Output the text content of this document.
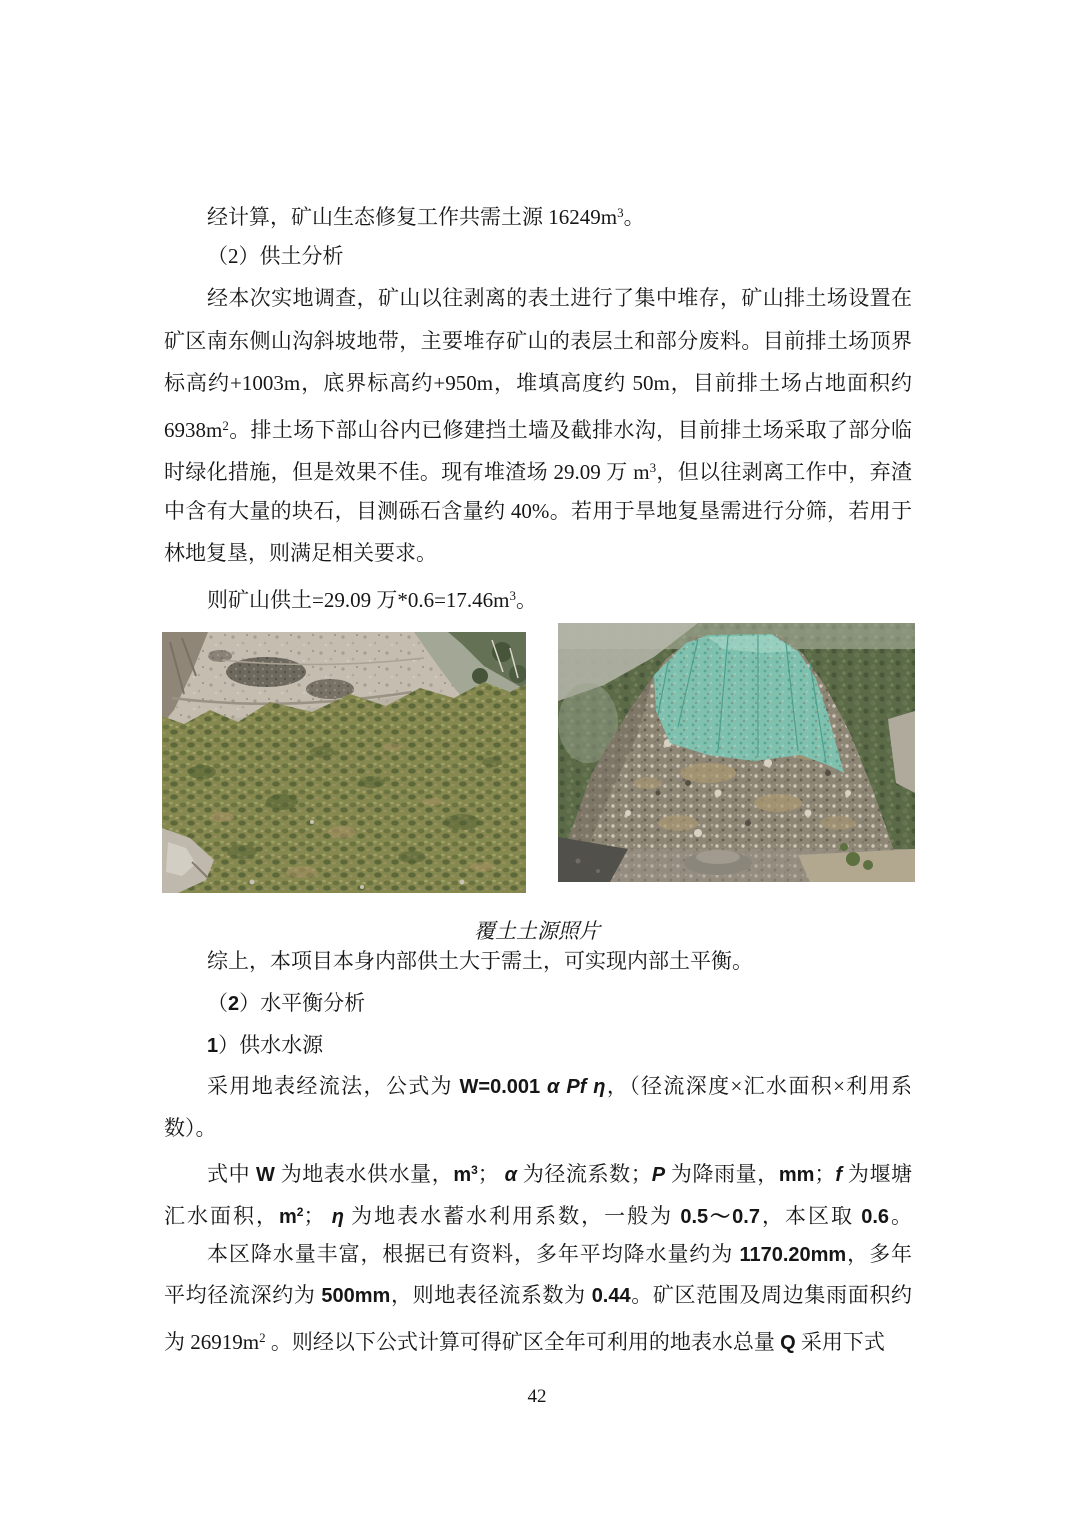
经计算，矿山生态修复工作共需土源 $16249m^3$。
（2）供土分析
经本次实地调查，矿山以往剥离的表土进行了集中堆存，矿山排土场设置在
矿区南东侧山沟斜坡地带，主要堆存矿山的表层土和部分废料。目前排土场顶界
标高约+1003m，底界标高约+950m，堆填高度约 50m，目前排土场占地面积约
$6938m^2$。排土场下部山谷内已修建挡土墙及截排水沟，目前排土场采取了部分临
时绿化措施，但是效果不佳。现有堆渣场 29.09 万 $m^3$，但以往剥离工作中，弃渣
中含有大量的块石，目测砾石含量约 40%。若用于旱地复垦需进行分筛，若用于
林地复垦，则满足相关要求。
则矿山供土=29.09 万$*0.6=17.46m^3$。
覆土土源照片
综上，本项目本身内部供土大于需土，可实现内部土平衡。
（2）水平衡分析
1）供水水源
采用地表经流法，公式为 W=0.001 α Pf η，（径流深度×汇水面积×利用系
数）。
式中 W 为地表水供水量，$m^3$； α 为径流系数；P 为降雨量，mm；f 为堰塘
汇水面积，$m^2$； η 为地表水蓄水利用系数，一般为 0.5～0.7，本区取 0.6。
本区降水量丰富，根据已有资料，多年平均降水量约为 1170.20mm，多年
平均径流深约为 500mm，则地表径流系数为 0.44。矿区范围及周边集雨面积约
为 $26919m^2$ 。则经以下公式计算可得矿区全年可利用的地表水总量 Q 采用下式
42
